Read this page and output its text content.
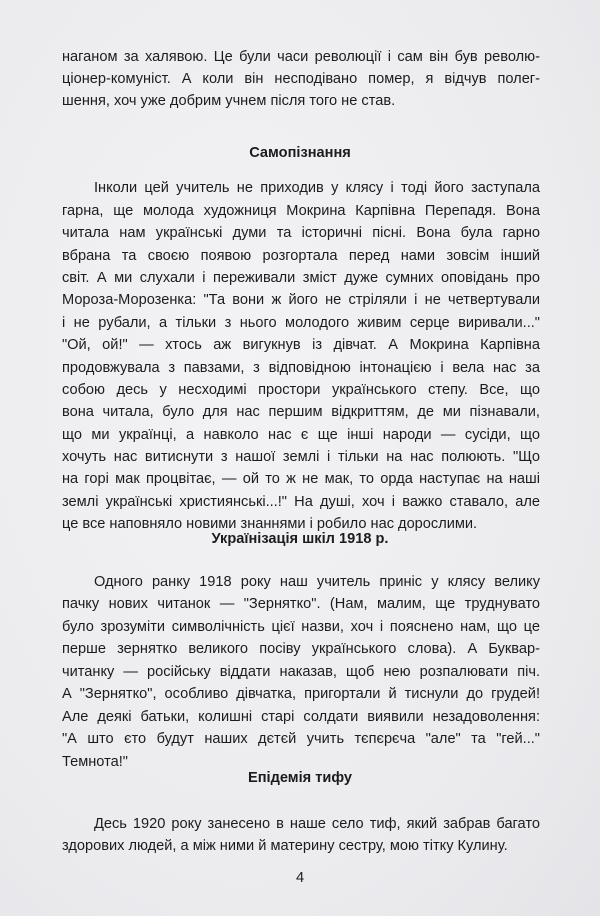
наганом за халявою. Це були часи революції і сам він був револю-
ціонер-комуніст. А коли він несподівано помер, я відчув полег-
шення, хоч уже добрим учнем після того не став.
Самопізнання
Інколи цей учитель не приходив у клясу і тоді його заступала
гарна, ще молода художниця Мокрина Карпівна Перепадя. Вона
читала нам українські думи та історичні пісні. Вона була гарно
вбрана та своєю появою розгортала перед нами зовсім інший
світ. А ми слухали і переживали зміст дуже сумних оповідань про
Мороза-Морозенка: "Та вони ж його не стріляли і не четвертували
і не рубали, а тільки з нього молодого живим серце виривали..."
"Ой, ой!" — хтось аж вигукнув із дівчат. А Мокрина Карпівна
продовжувала з павзами, з відповідною інтонацією і вела нас за
собою десь у несходимі простори українського степу. Все, що
вона читала, було для нас першим відкриттям, де ми пізнавали,
що ми українці, а навколо нас є ще інші народи — сусіди, що
хочуть нас витиснути з нашої землі і тільки на нас полюють. "Що
на горі мак процвітає, — ой то ж не мак, то орда наступає на наші
землі українські християнські...!" На душі, хоч і важко ставало, але
це все наповняло новими знаннями і робило нас дорослими.
Українізація шкіл 1918 р.
Одного ранку 1918 року наш учитель приніс у клясу велику
пачку нових читанок — "Зернятко". (Нам, малим, ще труднувато
було зрозуміти символічність цієї назви, хоч і пояснено нам, що це
перше зернятко великого посіву українського слова). А Буквар-
читанку — російську віддати наказав, щоб нею розпалювати піч.
А "Зернятко", особливо дівчатка, пригортали й тиснули до грудей!
Але деякі батьки, колишні старі солдати виявили незадоволення:
"А што єто будут наших дєтєй учить тєпєрєча "але" та "гей..."
Темнота!"
Епідемія тифу
Десь 1920 року занесено в наше село тиф, який забрав багато
здорових людей, а між ними й материну сестру, мою тітку Кулину.
4
